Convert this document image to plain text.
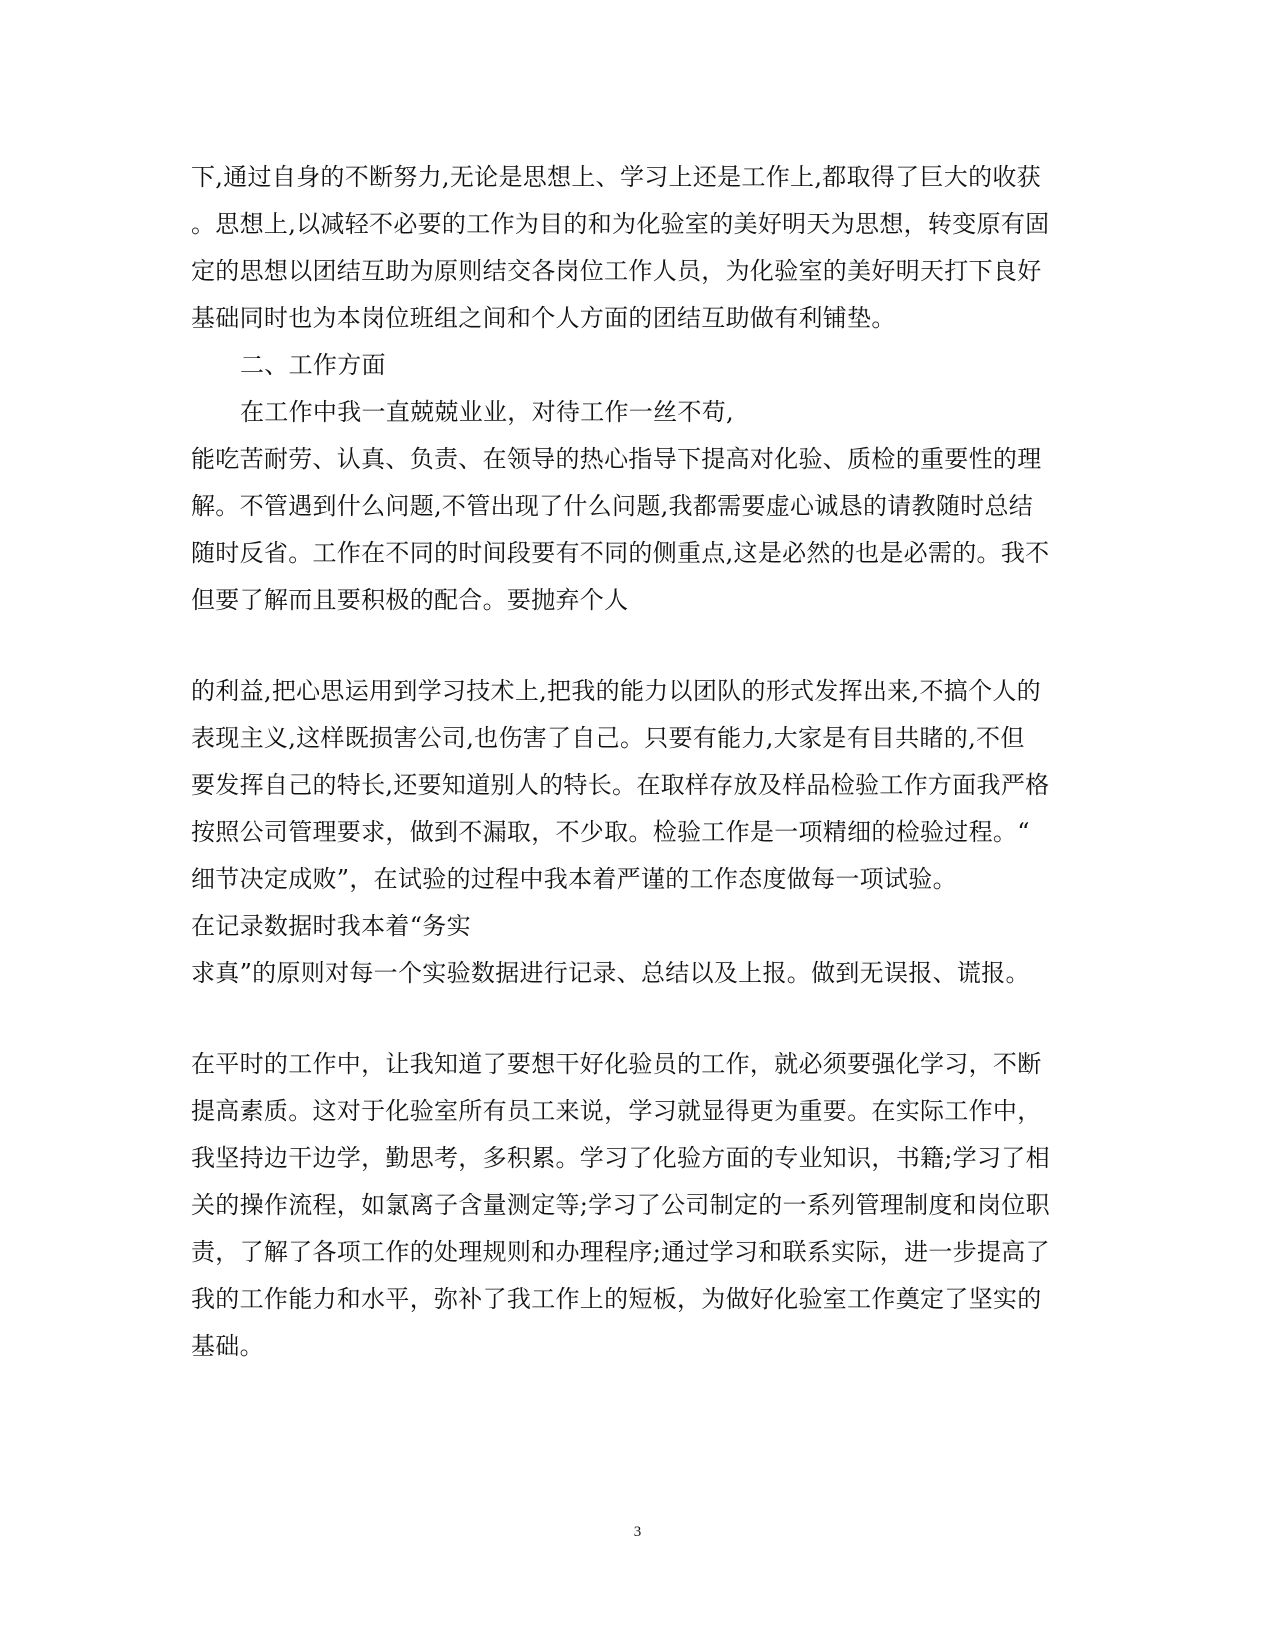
下,通过自身的不断努力,无论是思想上、学习上还是工作上,都取得了巨大的收获
。思想上,以减轻不必要的工作为目的和为化验室的美好明天为思想，转变原有固
定的思想以团结互助为原则结交各岗位工作人员，为化验室的美好明天打下良好
基础同时也为本岗位班组之间和个人方面的团结互助做有利铺垫。
二、工作方面
在工作中我一直兢兢业业，对待工作一丝不苟,
能吃苦耐劳、认真、负责、在领导的热心指导下提高对化验、质检的重要性的理
解。不管遇到什么问题,不管出现了什么问题,我都需要虚心诚恳的请教随时总结
随时反省。工作在不同的时间段要有不同的侧重点,这是必然的也是必需的。我不
但要了解而且要积极的配合。要抛弃个人
的利益,把心思运用到学习技术上,把我的能力以团队的形式发挥出来,不搞个人的
表现主义,这样既损害公司,也伤害了自己。只要有能力,大家是有目共睹的,不但
要发挥自己的特长,还要知道别人的特长。在取样存放及样品检验工作方面我严格
按照公司管理要求，做到不漏取，不少取。检验工作是一项精细的检验过程。“
细节决定成败”，在试验的过程中我本着严谨的工作态度做每一项试验。
在记录数据时我本着“务实
求真”的原则对每一个实验数据进行记录、总结以及上报。做到无误报、谎报。
在平时的工作中，让我知道了要想干好化验员的工作，就必须要强化学习，不断
提高素质。这对于化验室所有员工来说，学习就显得更为重要。在实际工作中，
我坚持边干边学，勤思考，多积累。学习了化验方面的专业知识，书籍;学习了相
关的操作流程，如氯离子含量测定等;学习了公司制定的一系列管理制度和岗位职
责，了解了各项工作的处理规则和办理程序;通过学习和联系实际，进一步提高了
我的工作能力和水平，弥补了我工作上的短板，为做好化验室工作奠定了坚实的
基础。
3
